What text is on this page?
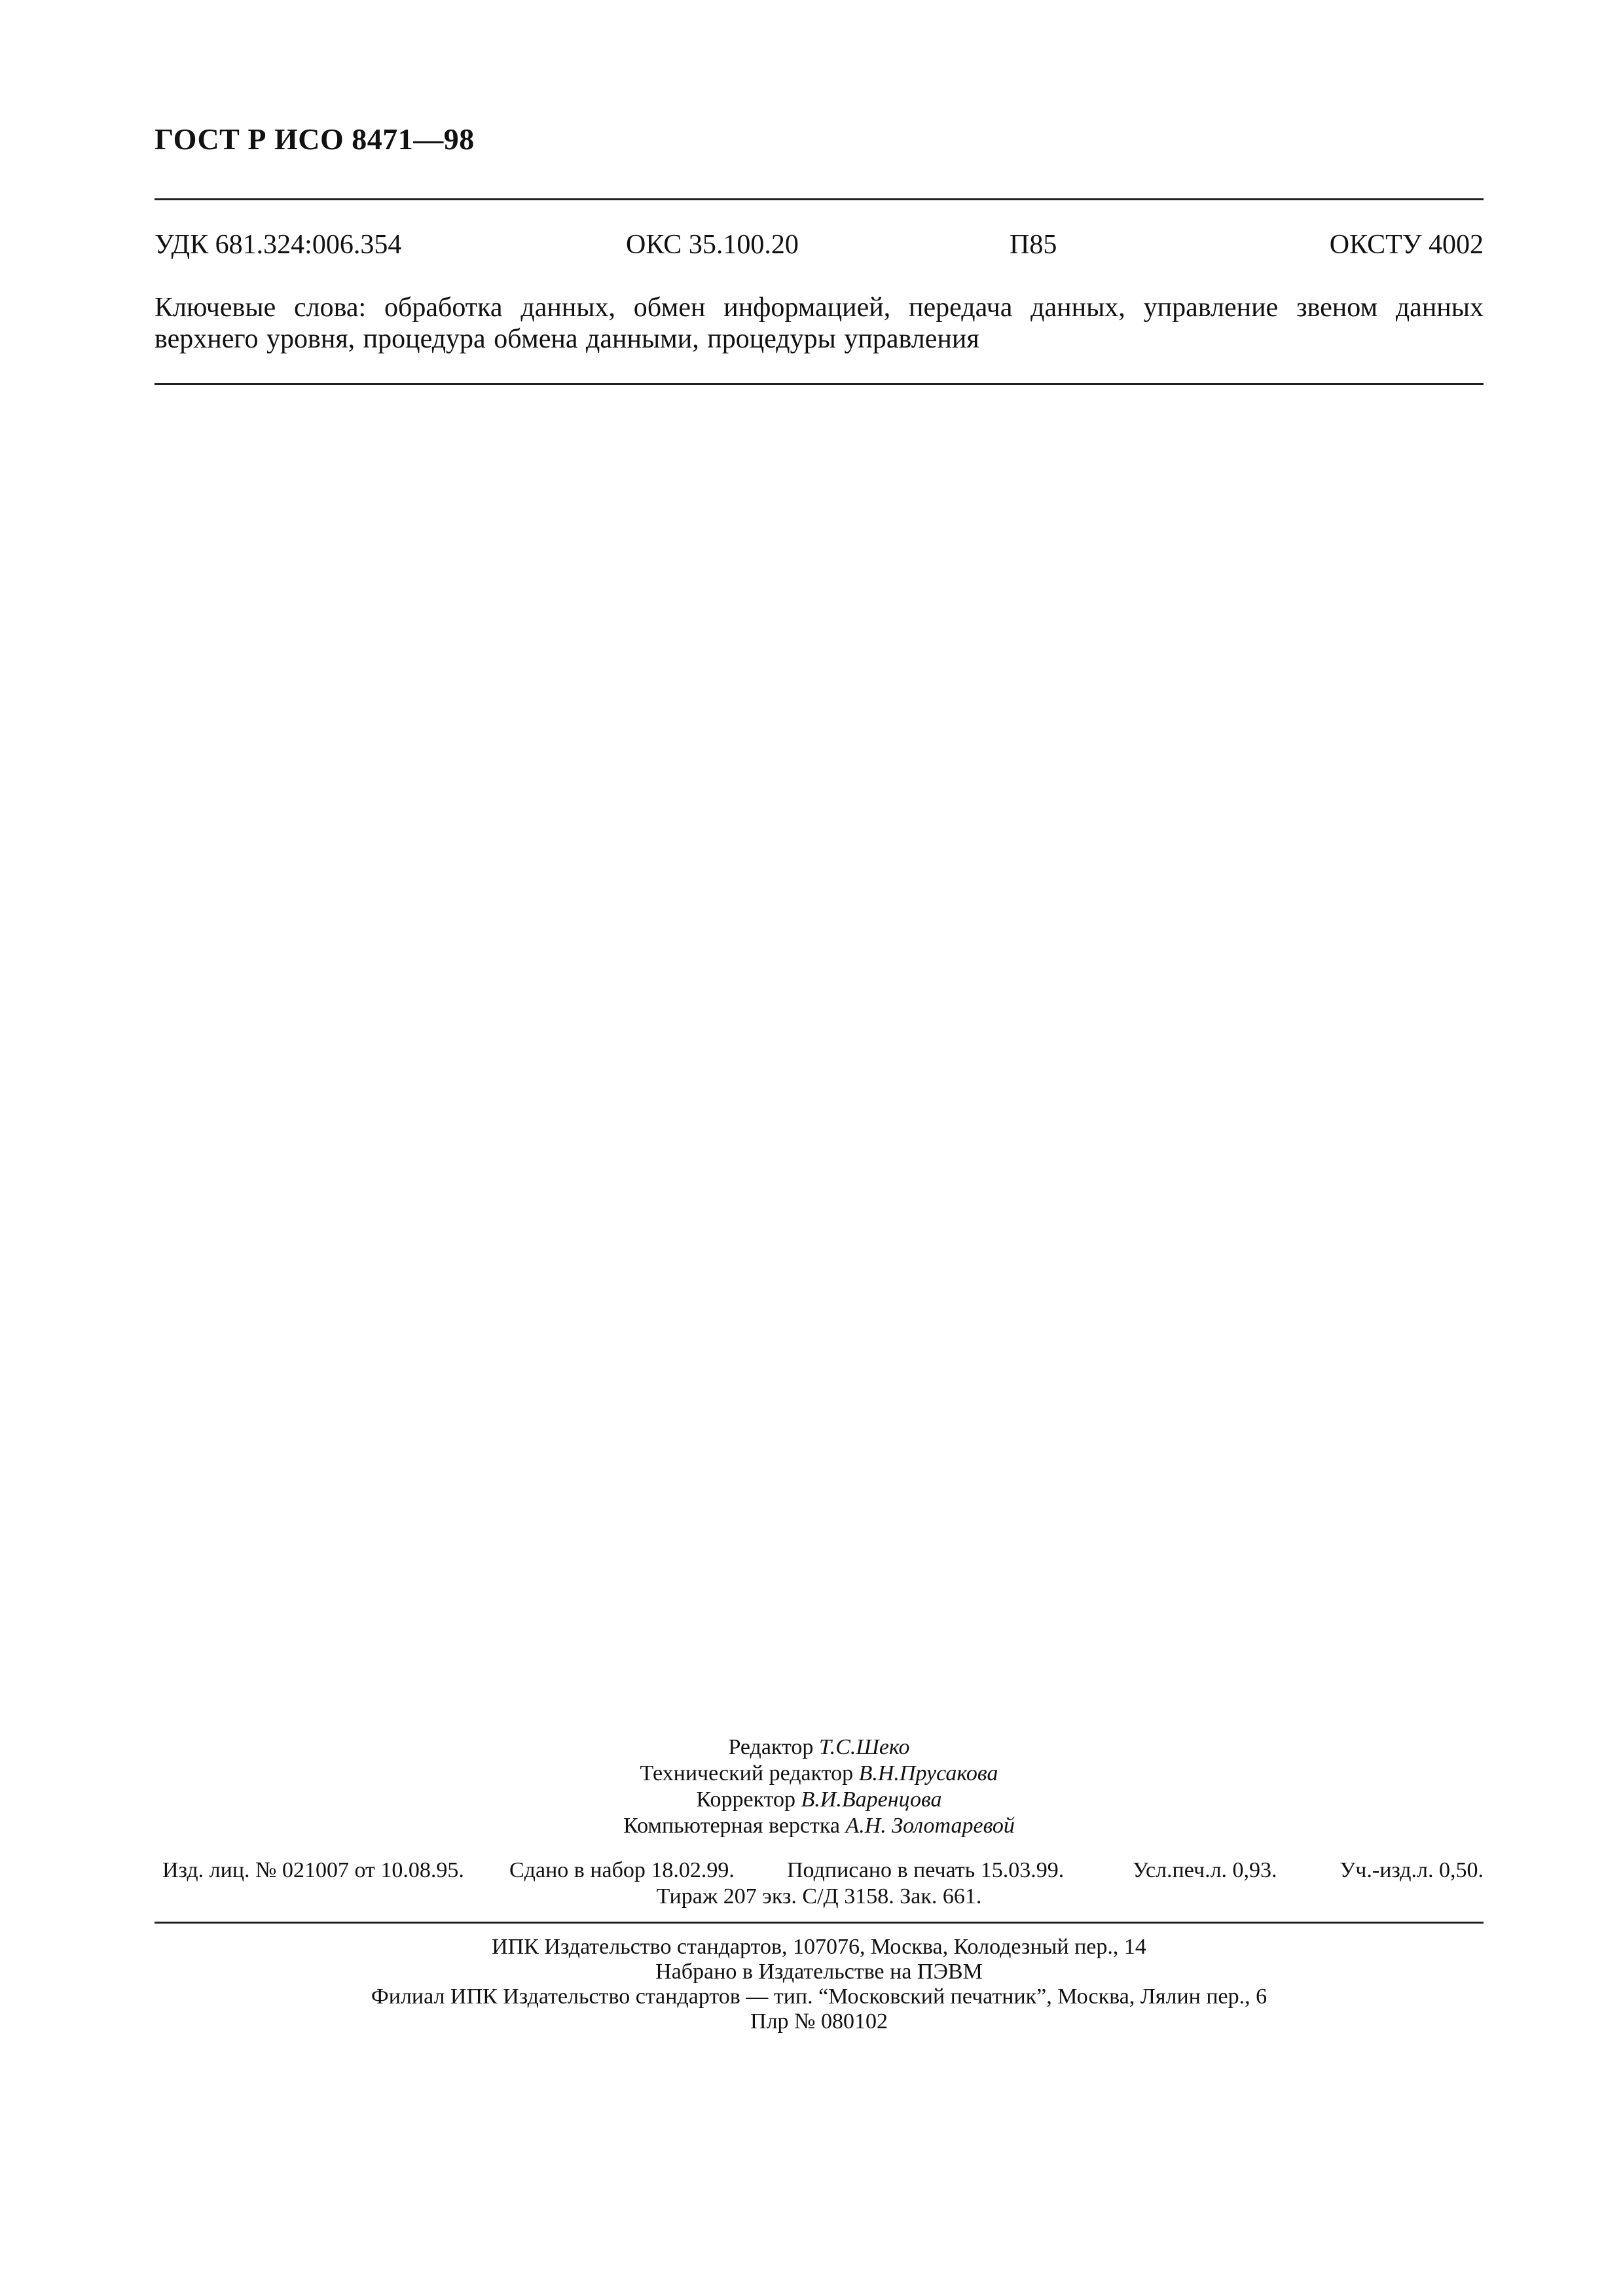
ГОСТ Р ИСО 8471—98
УДК 681.324:006.354	ОКС 35.100.20	П85	ОКСТУ 4002
Ключевые слова: обработка данных, обмен информацией, передача данных, управление звеном данных верхнего уровня, процедура обмена данными, процедуры управления
Редактор Т.С.Шеко
Технический редактор В.Н.Прусакова
Корректор В.И.Варенцова
Компьютерная верстка А.Н. Золотаревой
Изд. лиц. № 021007 от 10.08.95. Сдано в набор 18.02.99. Подписано в печать 15.03.99.	Усл.печ.л. 0,93.	Уч.-изд.л. 0,50.
Тираж 207 экз. С/Д 3158. Зак. 661.
ИПК Издательство стандартов, 107076, Москва, Колодезный пер., 14
Набрано в Издательстве на ПЭВМ
Филиал ИПК Издательство стандартов — тип. “Московский печатник”, Москва, Лялин пер., 6
Плр № 080102
